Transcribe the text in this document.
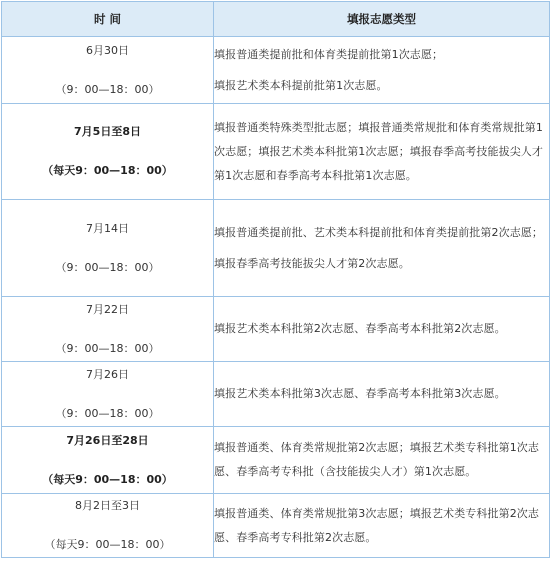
时 间	填报志愿类型

6月30日
（9：00—18：00）	填报普通类提前批和体育类提前批第1次志愿；
填报艺术类本科提前批第1次志愿。

7月5日至8日
（每天9：00—18：00）	填报普通类特殊类型批志愿；填报普通类常规批和体育类常规批第1次志愿；填报艺术类本科批第1次志愿；填报春季高考技能拔尖人才第1次志愿和春季高考本科批第1次志愿。

7月14日
（9：00—18：00）	填报普通类提前批、艺术类本科提前批和体育类提前批第2次志愿；
填报春季高考技能拔尖人才第2次志愿。

7月22日
（9：00—18：00）	填报艺术类本科批第2次志愿、春季高考本科批第2次志愿。

7月26日
（9：00—18：00）	填报艺术类本科批第3次志愿、春季高考本科批第3次志愿。

7月26日至28日
（每天9：00—18：00）	填报普通类、体育类常规批第2次志愿；填报艺术类专科批第1次志愿、春季高考专科批（含技能拔尖人才）第1次志愿。

8月2日至3日
（每天9：00—18：00）	填报普通类、体育类常规批第3次志愿；填报艺术类专科批第2次志愿、春季高考专科批第2次志愿。
